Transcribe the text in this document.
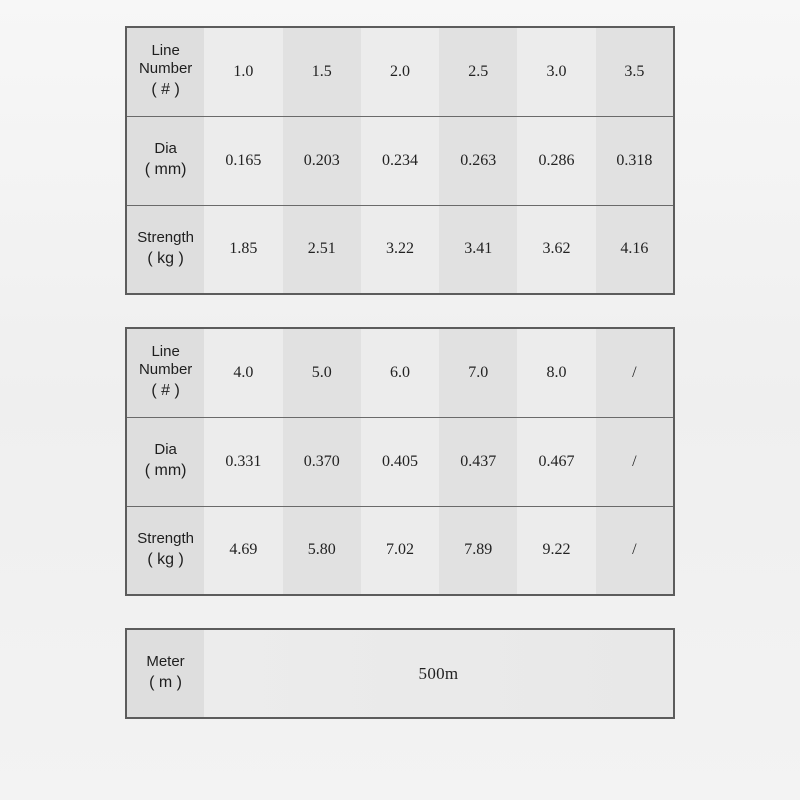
Line
Number
( # )	1.0	1.5	2.0	2.5	3.0	3.5
Dia
( mm)	0.165	0.203	0.234	0.263	0.286	0.318
Strength
( kg )	1.85	2.51	3.22	3.41	3.62	4.16
Line
Number
( # )	4.0	5.0	6.0	7.0	8.0	/
Dia
( mm)	0.331	0.370	0.405	0.437	0.467	/
Strength
( kg )	4.69	5.80	7.02	7.89	9.22	/
Meter
( m )	500m
